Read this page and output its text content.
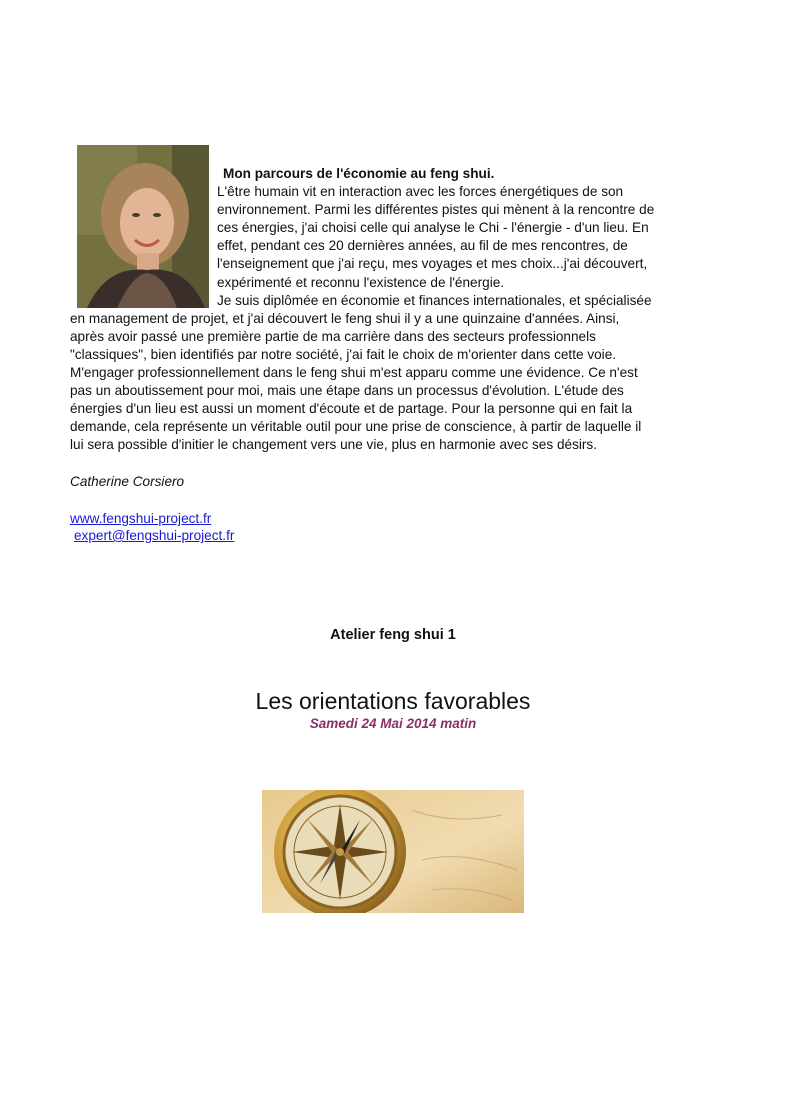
Mon parcours de l'économie au feng shui.

L'être humain vit en interaction avec les forces énergétiques de son

environnement. Parmi les différentes pistes qui mènent à la rencontre de

ces énergies, j'ai choisi celle qui analyse le Chi - l'énergie - d'un lieu. En

effet, pendant ces 20 dernières années, au fil de mes rencontres, de

l'enseignement que j'ai reçu, mes voyages et mes choix...j'ai découvert,

expérimenté et reconnu l'existence de l'énergie.

Je suis diplômée en économie et finances internationales, et spécialisée

en management de projet, et j'ai découvert le feng shui il y a une quinzaine d'années. Ainsi,

après avoir passé une première partie de ma carrière dans des secteurs professionnels

"classiques", bien identifiés par notre société, j'ai fait le choix de m'orienter dans cette voie.

M'engager professionnellement dans le feng shui m'est apparu comme une évidence. Ce n'est

pas un aboutissement pour moi, mais une étape dans un processus d'évolution. L'étude des

énergies d'un lieu est aussi un moment d'écoute et de partage. Pour la personne qui en fait la

demande, cela représente un véritable outil pour une prise de conscience, à partir de laquelle il

lui sera possible d'initier le changement vers une vie, plus en harmonie avec ses désirs.

Catherine Corsiero
www.fengshui-project.fr
expert@fengshui-project.fr
Atelier feng shui 1
Les orientations favorables
Samedi 24 Mai 2014 matin
